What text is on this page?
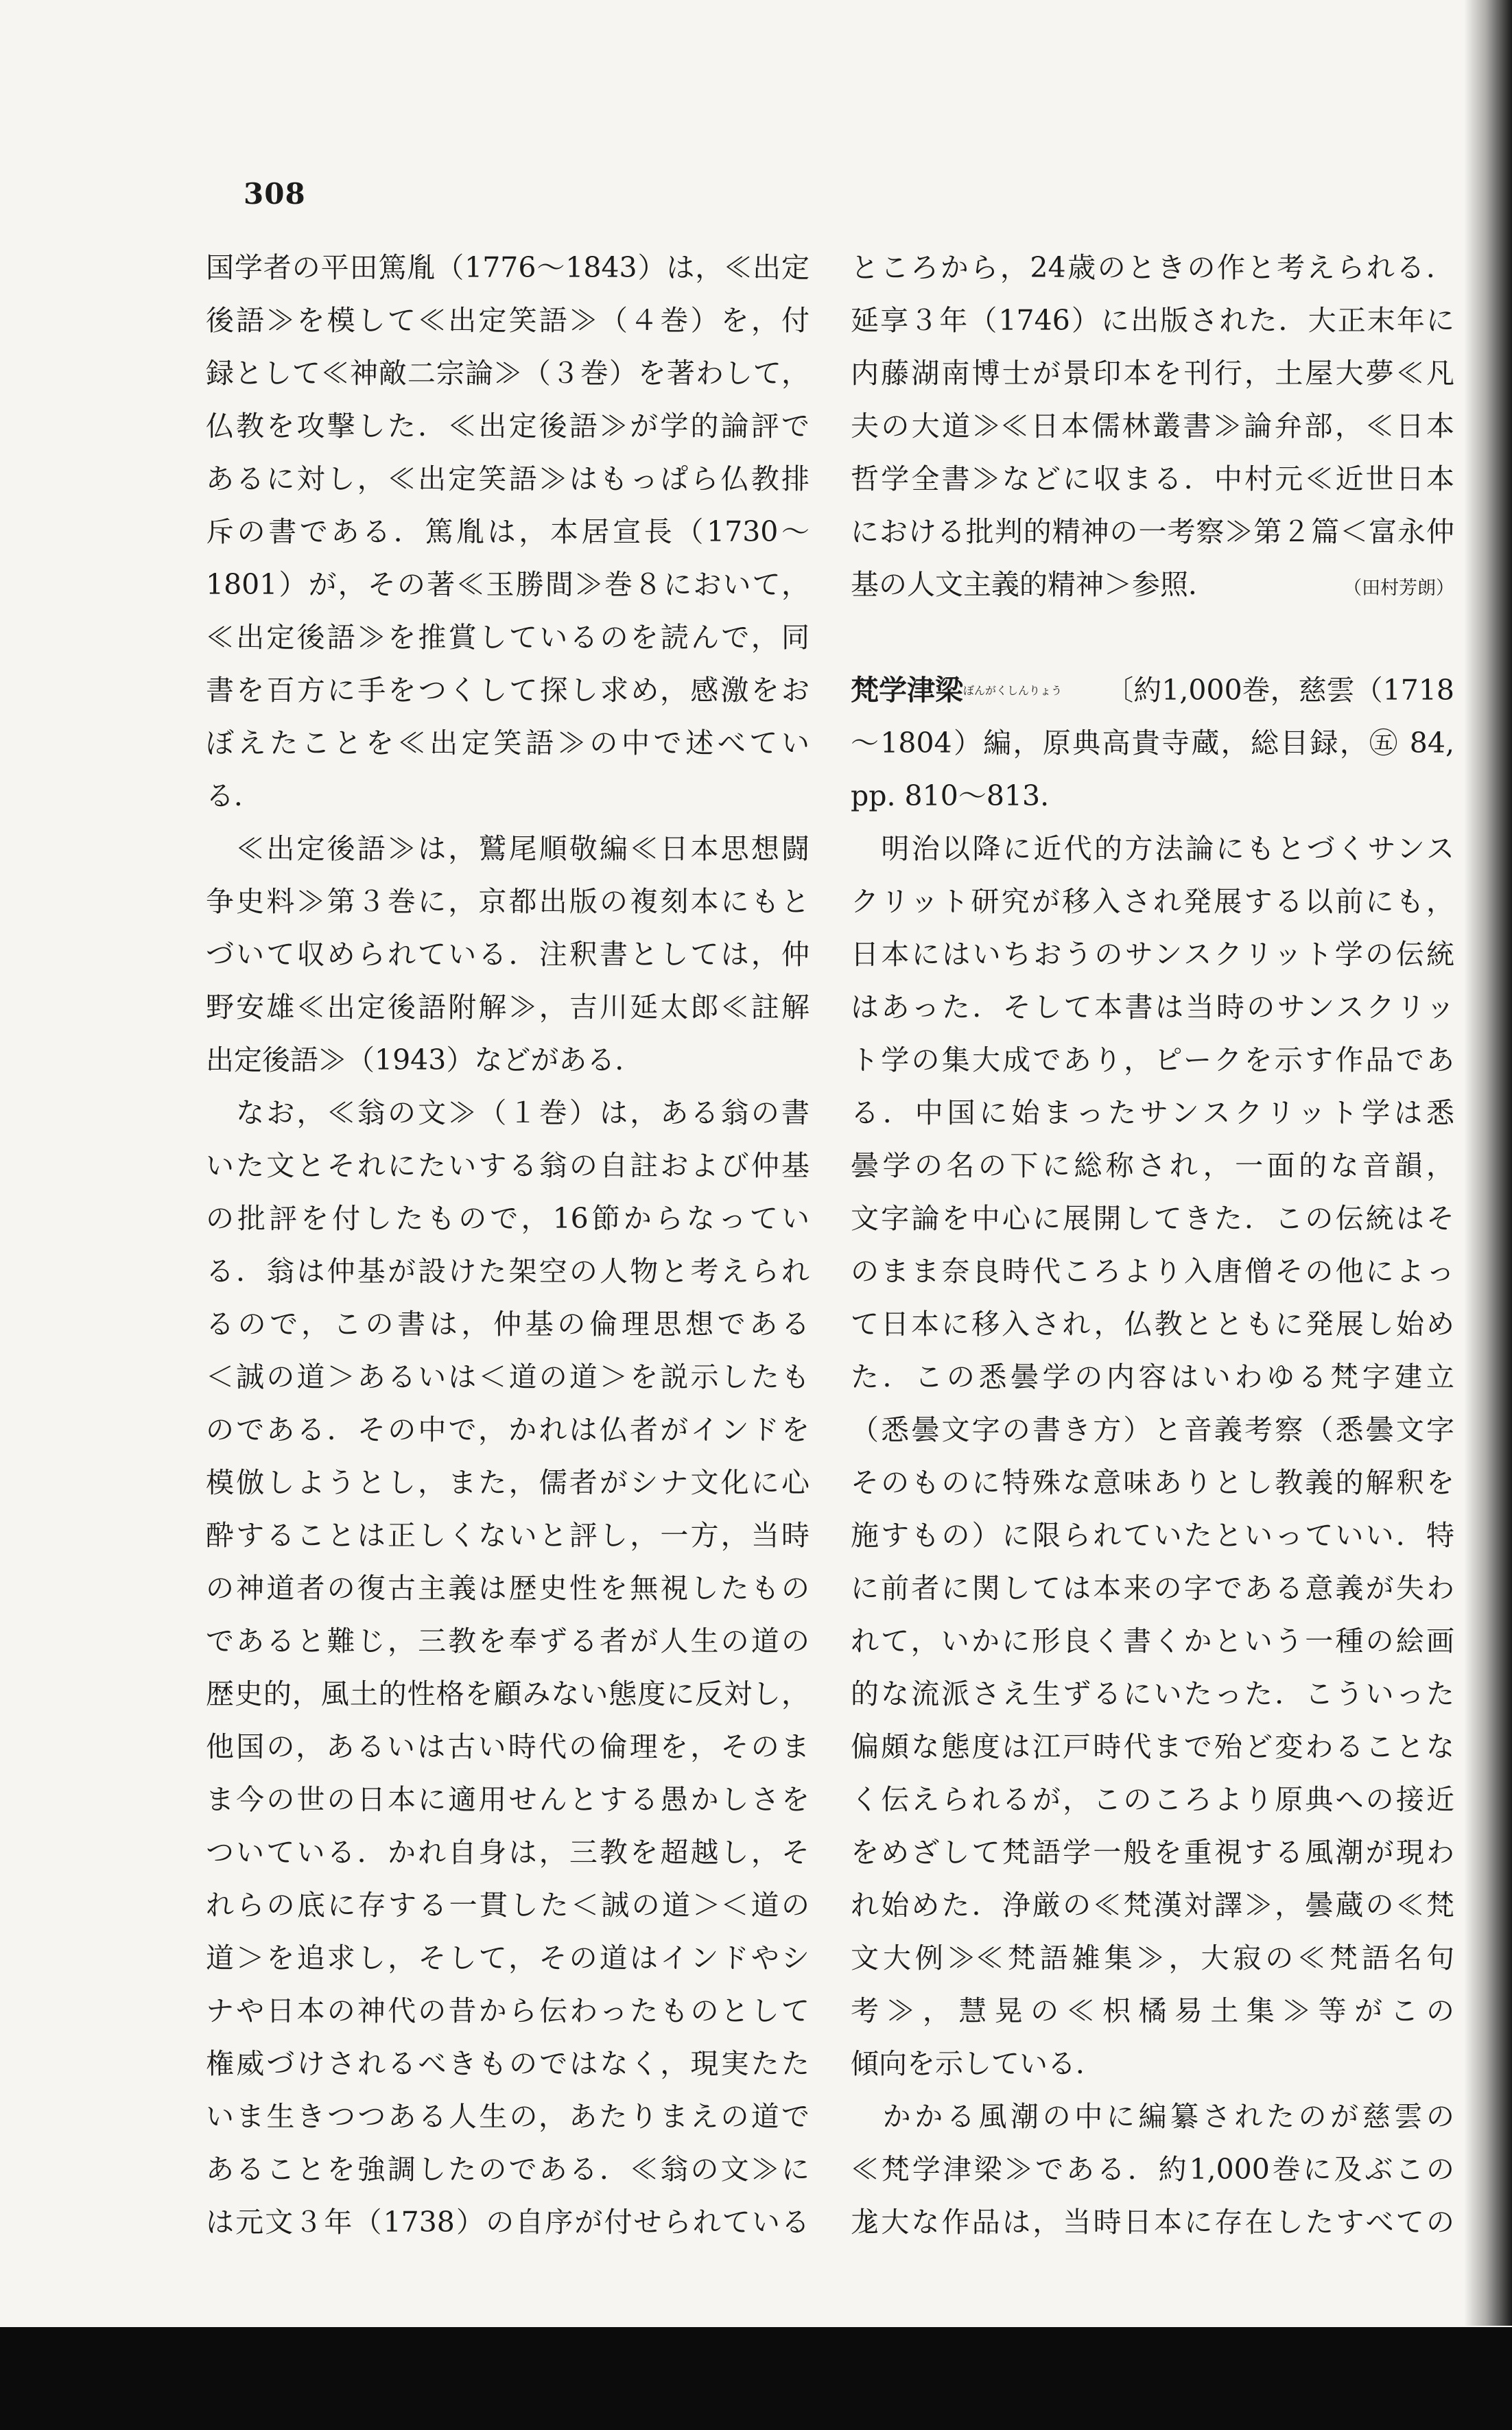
308
国学者の平田篤胤（1776～1843）は，≪出定
後語≫を模して≪出定笑語≫（４巻）を，付
録として≪神敵二宗論≫（３巻）を著わして，
仏教を攻撃した．≪出定後語≫が学的論評で
あるに対し，≪出定笑語≫はもっぱら仏教排
斥の書である．篤胤は，本居宣長（1730～
1801）が，その著≪玉勝間≫巻８において，
≪出定後語≫を推賞しているのを読んで，同
書を百方に手をつくして探し求め，感激をお
ぼえたことを≪出定笑語≫の中で述べてい
る．
　≪出定後語≫は，鷲尾順敬編≪日本思想闘
争史料≫第３巻に，京都出版の複刻本にもと
づいて収められている．注釈書としては，仲
野安雄≪出定後語附解≫，吉川延太郎≪註解
出定後語≫（1943）などがある．
　なお，≪翁の文≫（１巻）は，ある翁の書
いた文とそれにたいする翁の自註および仲基
の批評を付したもので，16節からなってい
る．翁は仲基が設けた架空の人物と考えられ
るので，この書は，仲基の倫理思想である
＜誠の道＞あるいは＜道の道＞を説示したも
のである．その中で，かれは仏者がインドを
模倣しようとし，また，儒者がシナ文化に心
酔することは正しくないと評し，一方，当時
の神道者の復古主義は歴史性を無視したもの
であると難じ，三教を奉ずる者が人生の道の
歴史的，風土的性格を顧みない態度に反対し，
他国の，あるいは古い時代の倫理を，そのま
ま今の世の日本に適用せんとする愚かしさを
ついている．かれ自身は，三教を超越し，そ
れらの底に存する一貫した＜誠の道＞＜道の
道＞を追求し，そして，その道はインドやシ
ナや日本の神代の昔から伝わったものとして
権威づけされるべきものではなく，現実たた
いま生きつつある人生の，あたりまえの道で
あることを強調したのである．≪翁の文≫に
は元文３年（1738）の自序が付せられている
ところから，24歳のときの作と考えられる．
延享３年（1746）に出版された．大正末年に
内藤湖南博士が景印本を刊行，土屋大夢≪凡
夫の大道≫≪日本儒林叢書≫論弁部，≪日本
哲学全書≫などに収まる．中村元≪近世日本
における批判的精神の一考察≫第２篇＜富永仲
基の人文主義的精神＞参照．	（田村芳朗）
梵学津梁$^{ぼんがくしんりょう}$ 〔約1,000巻，慈雲（1718
～1804）編，原典高貴寺蔵，総目録，㊄ 84,
pp. 810～813.
　明治以降に近代的方法論にもとづくサンス
クリット研究が移入され発展する以前にも，
日本にはいちおうのサンスクリット学の伝統
はあった．そして本書は当時のサンスクリッ
ト学の集大成であり，ピークを示す作品であ
る．中国に始まったサンスクリット学は悉
曇学の名の下に総称され，一面的な音韻，
文字論を中心に展開してきた．この伝統はそ
のまま奈良時代ころより入唐僧その他によっ
て日本に移入され，仏教とともに発展し始め
た．この悉曇学の内容はいわゆる梵字建立
（悉曇文字の書き方）と音義考察（悉曇文字
そのものに特殊な意味ありとし教義的解釈を
施すもの）に限られていたといっていい．特
に前者に関しては本来の字である意義が失わ
れて，いかに形良く書くかという一種の絵画
的な流派さえ生ずるにいたった．こういった
偏頗な態度は江戸時代まで殆ど変わることな
く伝えられるが，このころより原典への接近
をめざして梵語学一般を重視する風潮が現わ
れ始めた．浄厳の≪梵漢対譯≫，曇蔵の≪梵
文大例≫≪梵語雑集≫，大寂の≪梵語名句
考≫，慧晃の≪枳橘易土集≫等がこの
傾向を示している．
　かかる風潮の中に編纂されたのが慈雲の
≪梵学津梁≫である．約1,000巻に及ぶこの
尨大な作品は，当時日本に存在したすべての
